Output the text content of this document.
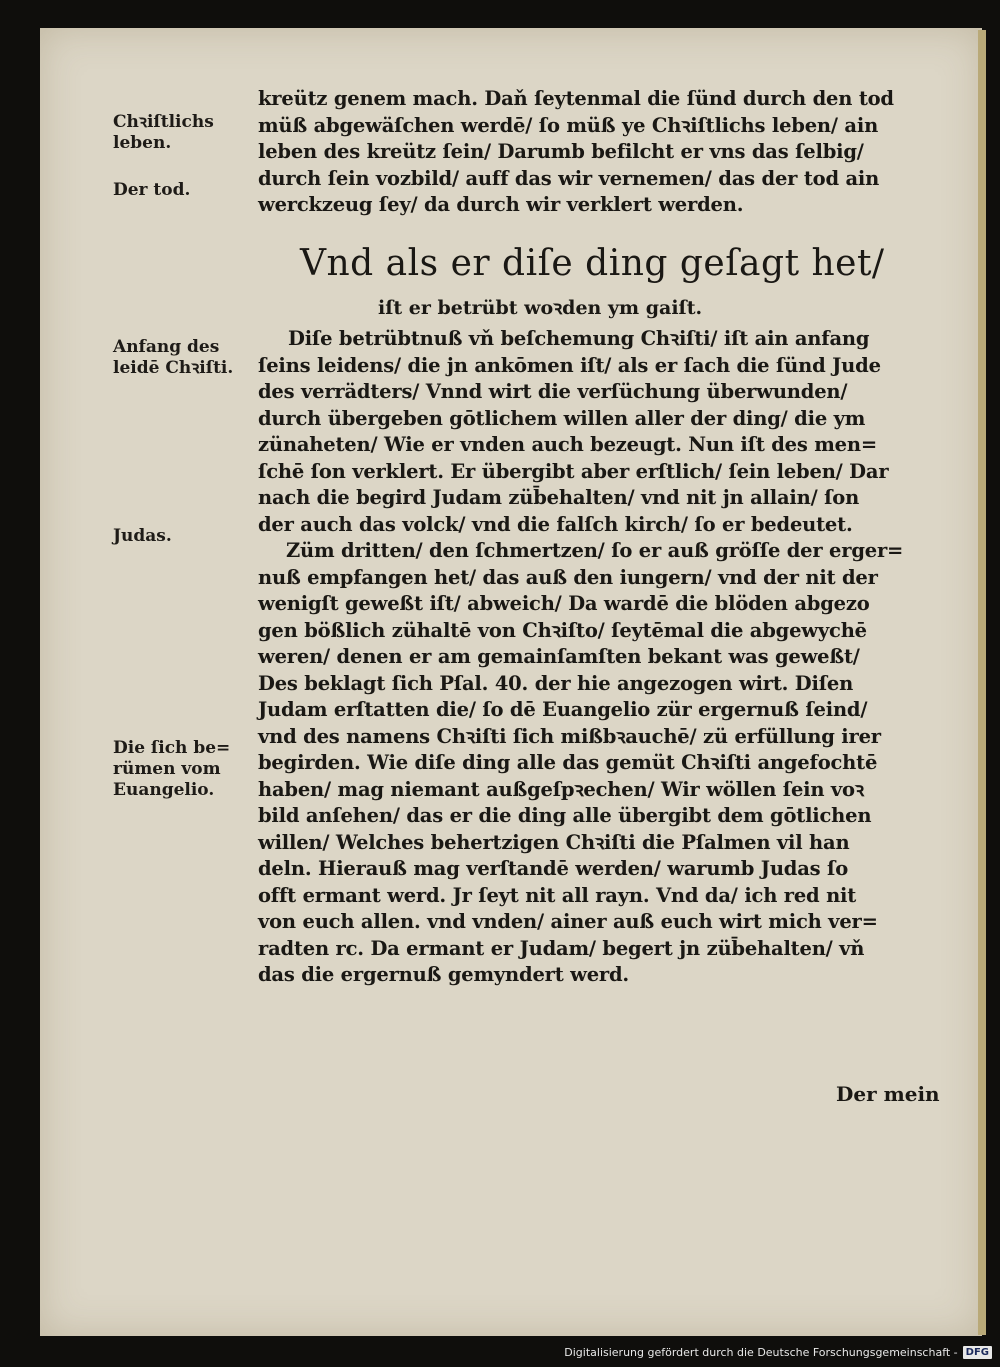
Chꝛiſtlichs
leben.
Der tod.
Anfang des
leidē Chꝛiſti.
Judas.
Die ſich be=
rümen vom
Euangelio.
kreütz genem mach. Daň ſeytenmal die ſünd durch den tod
müß abgewäſchen werdē/ ſo müß ye Chꝛiſtlichs leben/ ain
leben des kreütz ſein/ Darumb befilcht er vns das ſelbig/
durch ſein vozbild/ auff das wir vernemen/ das der tod ain
werckzeug ſey/ da durch wir verklert werden.
Vnd als er diſe ding geſagt het/
iſt er betrübt woꝛden ym gaiſt.
Diſe betrübtnuß vň beſchemung Chꝛiſti/ iſt ain anfang
ſeins leidens/ die jn ankōmen iſt/ als er ſach die ſünd Jude
des verrädters/ Vnnd wirt die verſüchung überwunden/
durch übergeben gōtlichem willen aller der ding/ die ym
zünaheten/ Wie er vnden auch bezeugt. Nun iſt des men=
ſchē ſon verklert. Er übergibt aber erſtlich/ ſein leben/ Dar
nach die begird Judam züb̄ehalten/ vnd nit jn allain/ ſon
der auch das volck/ vnd die falſch kirch/ ſo er bedeutet.
Züm dritten/ den ſchmertzen/ ſo er auß gröſſe der erger=
nuß empfangen het/ das auß den iungern/ vnd der nit der
wenigſt geweßt iſt/ abweich/ Da wardē die blöden abgezo
gen bößlich zühaltē von Chꝛiſto/ ſeytēmal die abgewychē
weren/ denen er am gemainſamſten bekant was geweßt/
Des beklagt ſich Pſal. 40. der hie angezogen wirt. Diſen
Judam erſtatten die/ ſo dē Euangelio zür ergernuß ſeind/
vnd des namens Chꝛiſti ſich mißbꝛauchē/ zü erfüllung irer
begirden. Wie diſe ding alle das gemüt Chꝛiſti angefochtē
haben/ mag niemant außgeſpꝛechen/ Wir wöllen ſein voꝛ
bild anſehen/ das er die ding alle übergibt dem gōtlichen
willen/ Welches behertzigen Chꝛiſti die Pſalmen vil han
deln. Hierauß mag verſtandē werden/ warumb Judas ſo
offt ermant werd. Jr ſeyt nit all rayn. Vnd da/ ich red nit
von euch allen. vnd vnden/ ainer auß euch wirt mich ver=
radten rc. Da ermant er Judam/ begert jn züb̄ehalten/ vň
das die ergernuß gemyndert werd.
Der mein
Digitalisierung gefördert durch die Deutsche Forschungsgemeinschaft - DFG
